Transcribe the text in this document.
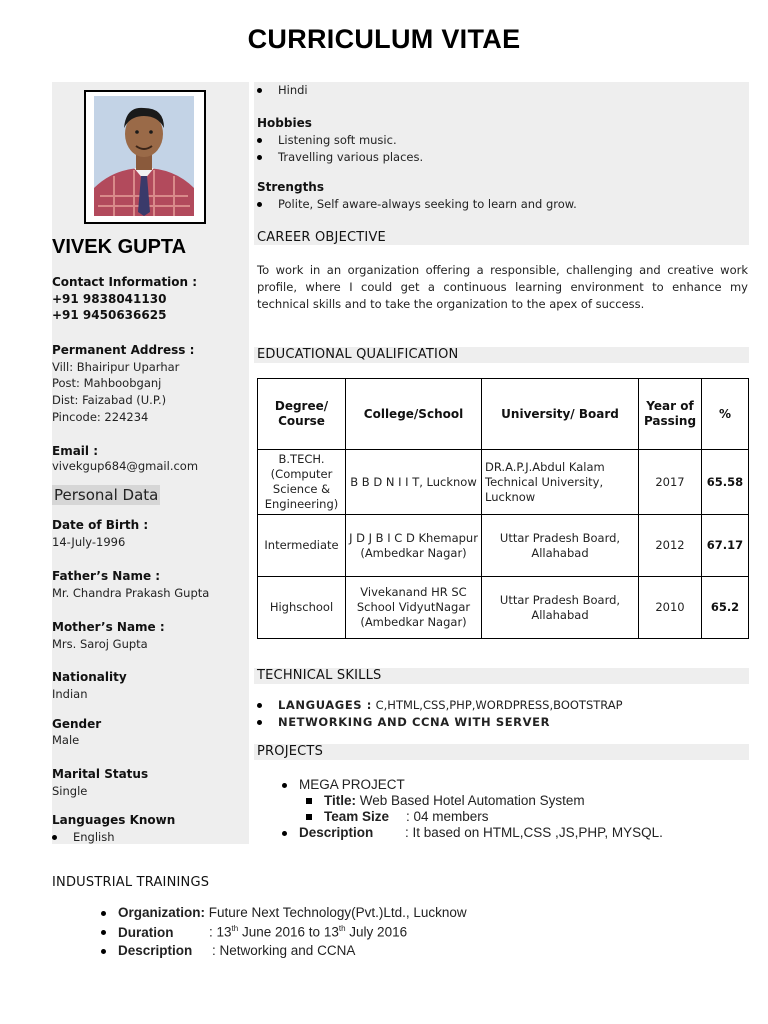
CURRICULUM VITAE
VIVEK GUPTA
Contact Information :
+91 9838041130
+91 9450636625
Permanent Address :
Vill: Bhairipur Uparhar
Post: Mahboobganj
Dist: Faizabad (U.P.)
Pincode: 224234
Email :
vivekgup684@gmail.com
Personal Data
Date of Birth :
14-July-1996
Father’s Name :
Mr. Chandra Prakash Gupta
Mother’s Name :
Mrs. Saroj Gupta
Nationality
Indian
Gender
Male
Marital Status
Single
Languages Known
English
Hindi
Hobbies
Listening soft music.
Travelling various places.
Strengths
Polite, Self aware-always seeking to learn and grow.
CAREER OBJECTIVE
To work in an organization offering a responsible, challenging and creative work profile, where I could get a continuous learning environment to enhance my technical skills and to take the organization to the apex of success.
EDUCATIONAL QUALIFICATION
Degree/ Course	College/School	University/ Board	Year of Passing	%
B.TECH. (Computer Science & Engineering)	B B D N I I T, Lucknow	DR.A.P.J.Abdul Kalam Technical University, Lucknow	2017	65.58
Intermediate	J D J B I C D Khemapur (Ambedkar Nagar)	Uttar Pradesh Board, Allahabad	2012	67.17
Highschool	Vivekanand HR SC School VidyutNagar (Ambedkar Nagar)	Uttar Pradesh Board, Allahabad	2010	65.2
TECHNICAL SKILLS
LANGUAGES : C,HTML,CSS,PHP,WORDPRESS,BOOTSTRAP
NETWORKING AND CCNA WITH SERVER
PROJECTS
MEGA PROJECT
Title: Web Based Hotel Automation System
Team Size : 04 members
Description : It based on HTML,CSS ,JS,PHP, MYSQL.
INDUSTRIAL TRAININGS
Organization: Future Next Technology(Pvt.)Ltd., Lucknow
Duration	: 13th June 2016 to 13th July 2016
Description : Networking and CCNA
